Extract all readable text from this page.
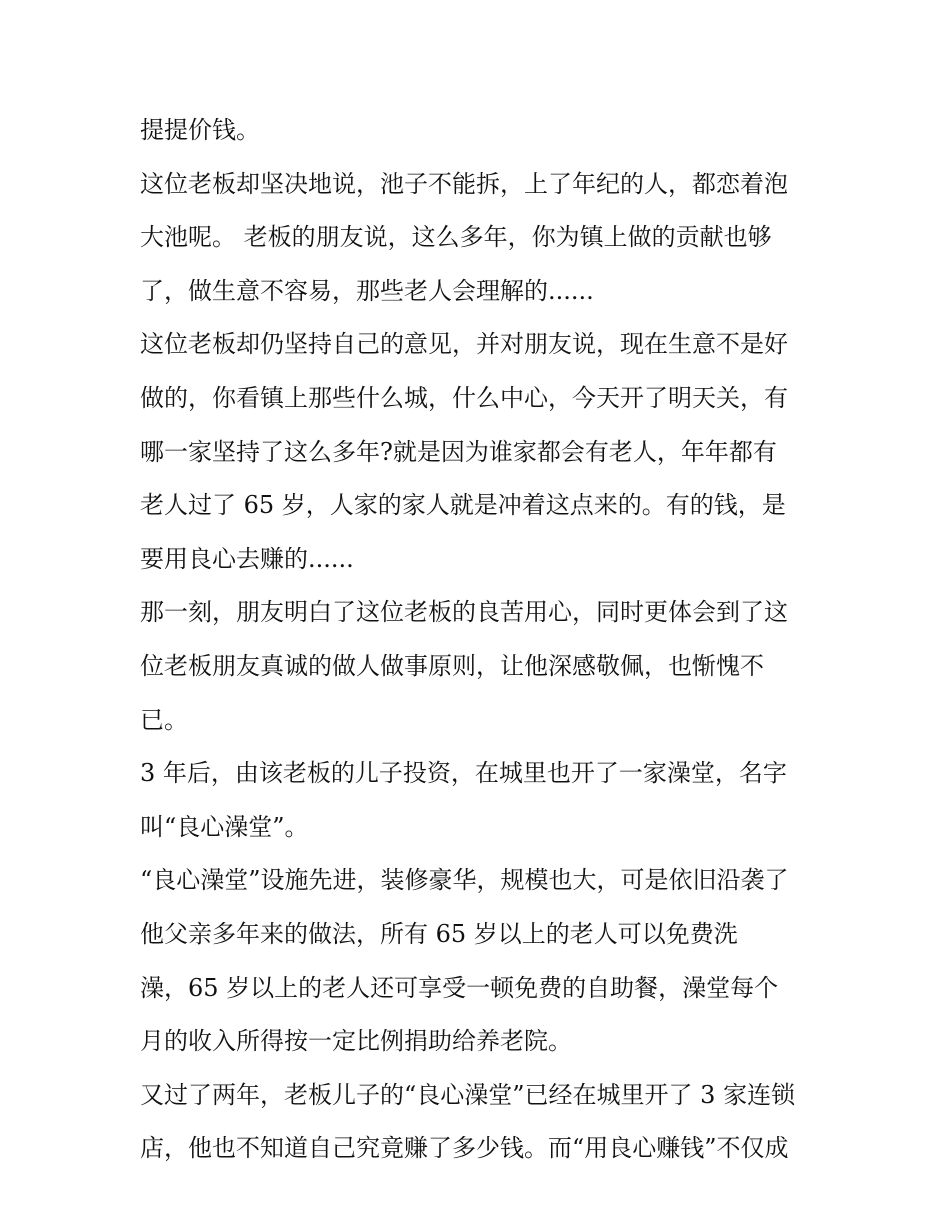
提提价钱。
这位老板却坚决地说，池子不能拆，上了年纪的人，都恋着泡
大池呢。 老板的朋友说，这么多年，你为镇上做的贡献也够
了，做生意不容易，那些老人会理解的......
这位老板却仍坚持自己的意见，并对朋友说，现在生意不是好
做的，你看镇上那些什么城，什么中心，今天开了明天关，有
哪一家坚持了这么多年?就是因为谁家都会有老人，年年都有
老人过了 65 岁，人家的家人就是冲着这点来的。有的钱，是
要用良心去赚的......
那一刻，朋友明白了这位老板的良苦用心，同时更体会到了这
位老板朋友真诚的做人做事原则，让他深感敬佩，也惭愧不
已。
3 年后，由该老板的儿子投资，在城里也开了一家澡堂，名字
叫“良心澡堂”。
“良心澡堂”设施先进，装修豪华，规模也大，可是依旧沿袭了
他父亲多年来的做法，所有 65 岁以上的老人可以免费洗
澡，65 岁以上的老人还可享受一顿免费的自助餐，澡堂每个
月的收入所得按一定比例捐助给养老院。
又过了两年，老板儿子的“良心澡堂”已经在城里开了 3 家连锁
店，他也不知道自己究竟赚了多少钱。而“用良心赚钱”不仅成
